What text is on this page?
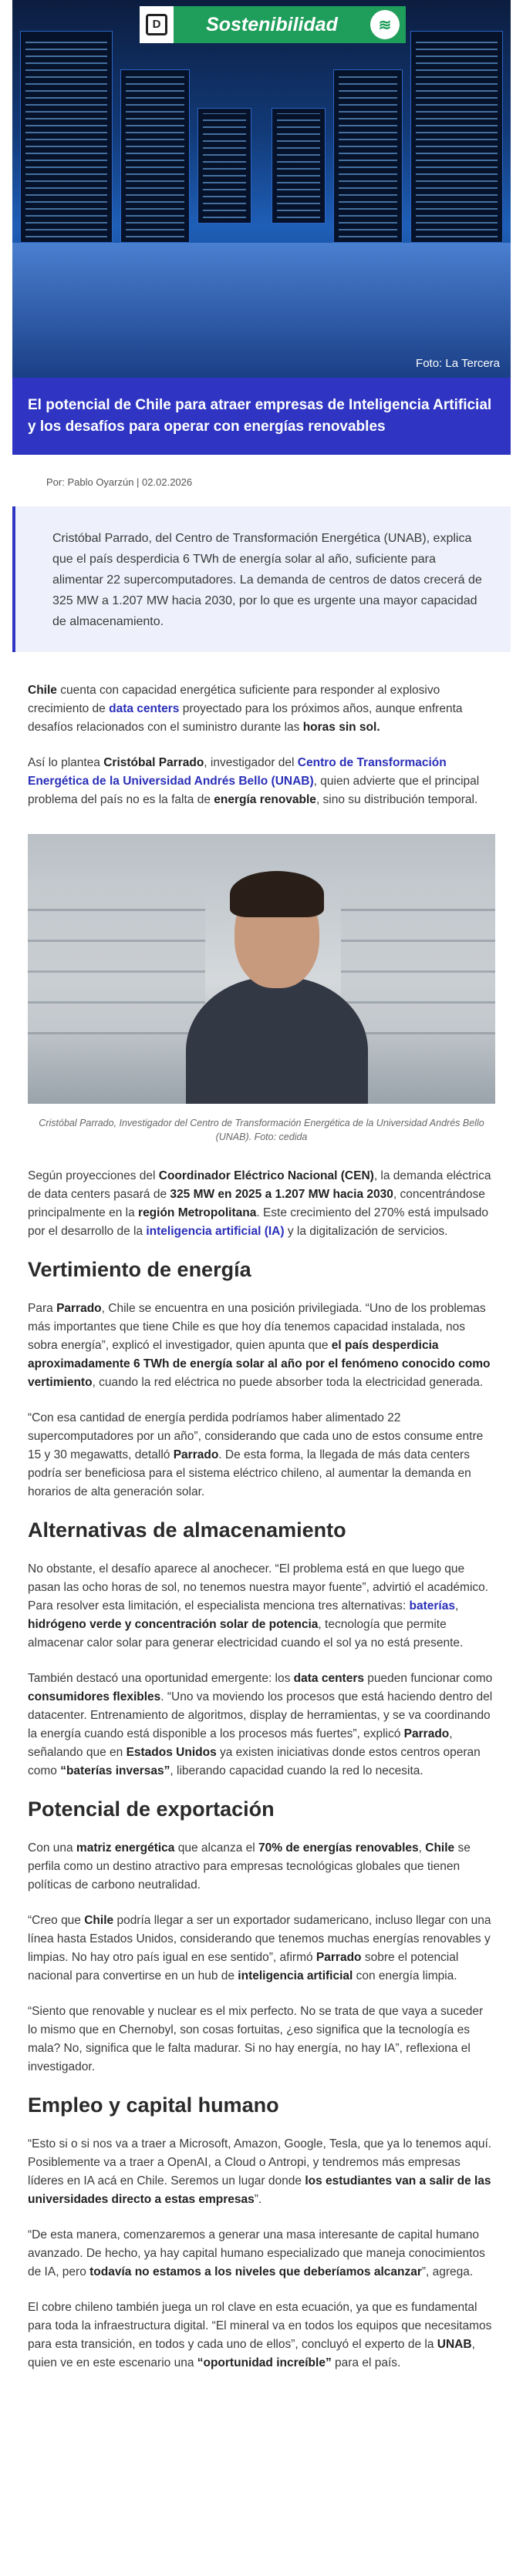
D	Sostenibilidad	≋
Foto: La Tercera
El potencial de Chile para atraer empresas de Inteligencia Artificial y los desafíos para operar con energías renovables
Por: Pablo Oyarzún | 02.02.2026

Cristóbal Parrado, del Centro de Transformación Energética (UNAB), explica que el país desperdicia 6 TWh de energía solar al año, suficiente para alimentar 22 supercomputadores. La demanda de centros de datos crecerá de 325 MW a 1.207 MW hacia 2030, por lo que es urgente una mayor capacidad de almacenamiento.

Chile cuenta con capacidad energética suficiente para responder al explosivo crecimiento de data centers proyectado para los próximos años, aunque enfrenta desafíos relacionados con el suministro durante las horas sin sol.

Así lo plantea Cristóbal Parrado, investigador del Centro de Transformación Energética de la Universidad Andrés Bello (UNAB), quien advierte que el principal problema del país no es la falta de energía renovable, sino su distribución temporal.

Cristóbal Parrado, Investigador del Centro de Transformación Energética de la Universidad Andrés Bello (UNAB). Foto: cedida

Según proyecciones del Coordinador Eléctrico Nacional (CEN), la demanda eléctrica de data centers pasará de 325 MW en 2025 a 1.207 MW hacia 2030, concentrándose principalmente en la región Metropolitana. Este crecimiento del 270% está impulsado por el desarrollo de la inteligencia artificial (IA) y la digitalización de servicios.

Vertimiento de energía

Para Parrado, Chile se encuentra en una posición privilegiada. “Uno de los problemas más importantes que tiene Chile es que hoy día tenemos capacidad instalada, nos sobra energía”, explicó el investigador, quien apunta que el país desperdicia aproximadamente 6 TWh de energía solar al año por el fenómeno conocido como vertimiento, cuando la red eléctrica no puede absorber toda la electricidad generada.

“Con esa cantidad de energía perdida podríamos haber alimentado 22 supercomputadores por un año”, considerando que cada uno de estos consume entre 15 y 30 megawatts, detalló Parrado. De esta forma, la llegada de más data centers podría ser beneficiosa para el sistema eléctrico chileno, al aumentar la demanda en horarios de alta generación solar.

Alternativas de almacenamiento

No obstante, el desafío aparece al anochecer. “El problema está en que luego que pasan las ocho horas de sol, no tenemos nuestra mayor fuente”, advirtió el académico. Para resolver esta limitación, el especialista menciona tres alternativas: baterías, hidrógeno verde y concentración solar de potencia, tecnología que permite almacenar calor solar para generar electricidad cuando el sol ya no está presente.

También destacó una oportunidad emergente: los data centers pueden funcionar como consumidores flexibles. “Uno va moviendo los procesos que está haciendo dentro del datacenter. Entrenamiento de algoritmos, display de herramientas, y se va coordinando la energía cuando está disponible a los procesos más fuertes”, explicó Parrado, señalando que en Estados Unidos ya existen iniciativas donde estos centros operan como “baterías inversas”, liberando capacidad cuando la red lo necesita.

Potencial de exportación

Con una matriz energética que alcanza el 70% de energías renovables, Chile se perfila como un destino atractivo para empresas tecnológicas globales que tienen políticas de carbono neutralidad.

“Creo que Chile podría llegar a ser un exportador sudamericano, incluso llegar con una línea hasta Estados Unidos, considerando que tenemos muchas energías renovables y limpias. No hay otro país igual en ese sentido”, afirmó Parrado sobre el potencial nacional para convertirse en un hub de inteligencia artificial con energía limpia.

“Siento que renovable y nuclear es el mix perfecto. No se trata de que vaya a suceder lo mismo que en Chernobyl, son cosas fortuitas, ¿eso significa que la tecnología es mala? No, significa que le falta madurar. Si no hay energía, no hay IA”, reflexiona el investigador.

Empleo y capital humano

“Esto si o si nos va a traer a Microsoft, Amazon, Google, Tesla, que ya lo tenemos aquí. Posiblemente va a traer a OpenAI, a Cloud o Antropi, y tendremos más empresas líderes en IA acá en Chile. Seremos un lugar donde los estudiantes van a salir de las universidades directo a estas empresas”.

“De esta manera, comenzaremos a generar una masa interesante de capital humano avanzado. De hecho, ya hay capital humano especializado que maneja conocimientos de IA, pero todavía no estamos a los niveles que deberíamos alcanzar”, agrega.

El cobre chileno también juega un rol clave en esta ecuación, ya que es fundamental para toda la infraestructura digital. “El mineral va en todos los equipos que necesitamos para esta transición, en todos y cada uno de ellos”, concluyó el experto de la UNAB, quien ve en este escenario una “oportunidad increíble” para el país.
